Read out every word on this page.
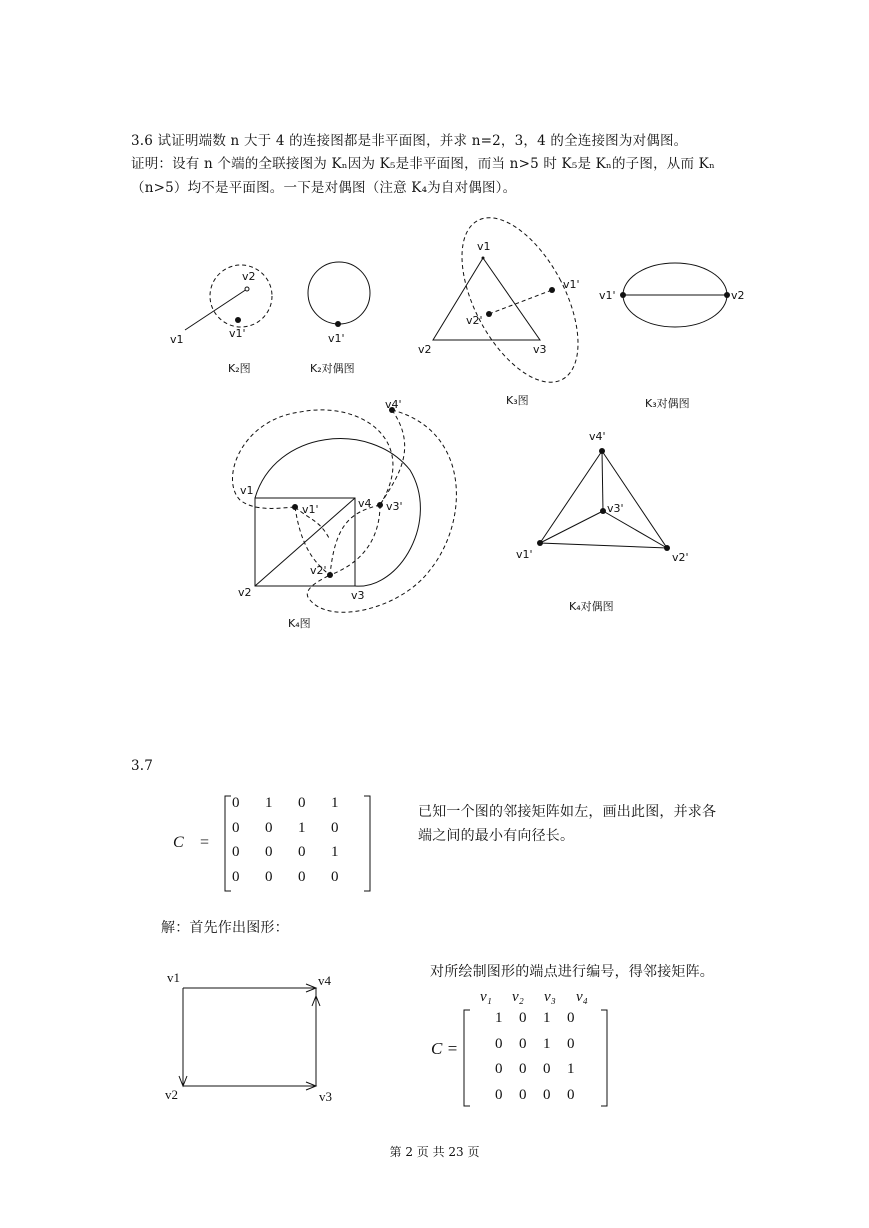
3.6 试证明端数 n 大于 4 的连接图都是非平面图，并求 n=2，3，4 的全连接图为对偶图。
证明：设有 n 个端的全联接图为 Kₙ因为 K₅是非平面图，而当 n>5 时 K₅是 Kₙ的子图，从而 Kₙ
（n>5）均不是平面图。一下是对偶图（注意 K₄为自对偶图）。
v1
v2
v1'
K₂图
v1'
K₂对偶图
v1
v2	v3
v1'
v2'
K₃图
v1'	v2
K₃对偶图
v1
v2	v3
v4
v1'
v2'
v3'
v4'
K₄图
v4'
v1'	v2'
v3'
K₄对偶图
3.7
C =
0	1	0	1
0	0	1	0
0	0	0	1
0	0	0	0
已知一个图的邻接矩阵如左，画出此图，并求各
端之间的最小有向径长。
解：首先作出图形：
v1	v4
v2	v3
对所绘制图形的端点进行编号，得邻接矩阵。
v₁	v₂	v₃	v₄
C =
1	0	1	0
0	0	1	0
0	0	0	1
0	0	0	0
第 2 页 共 23 页
